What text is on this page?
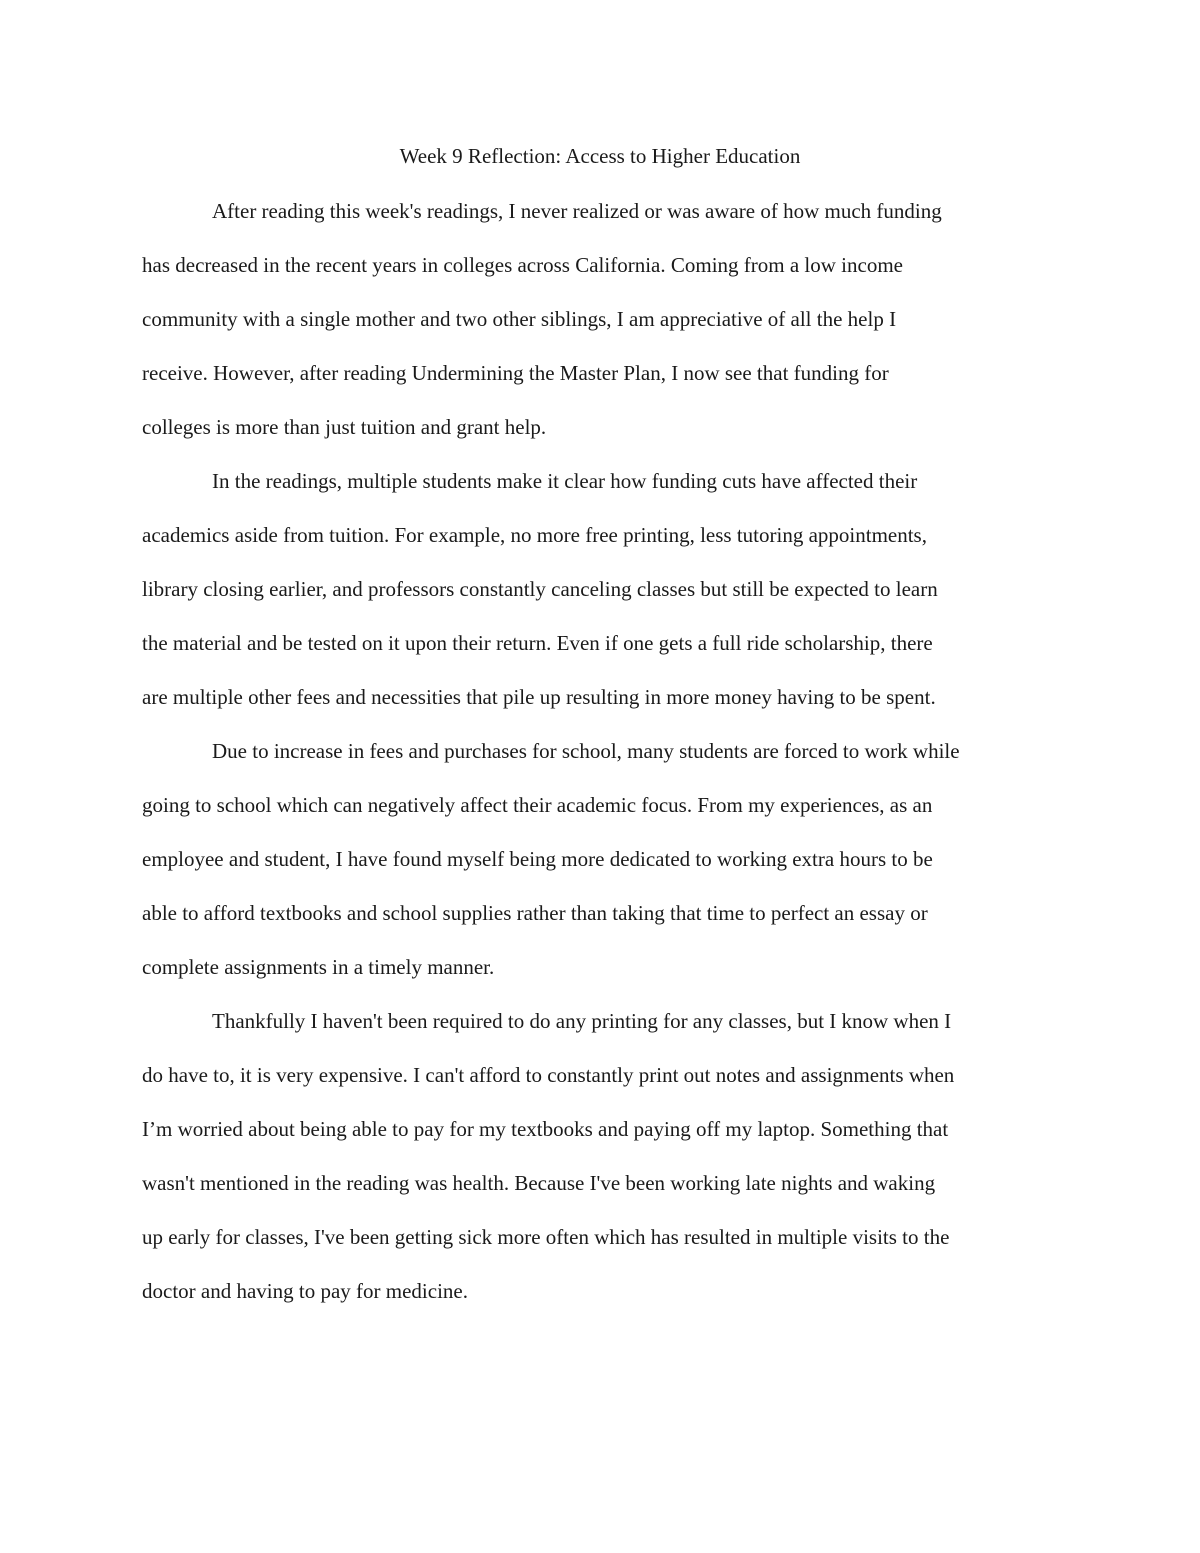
Week 9 Reflection: Access to Higher Education
After reading this week's readings, I never realized or was aware of how much funding
has decreased in the recent years in colleges across California. Coming from a low income
community with a single mother and two other siblings, I am appreciative of all the help I
receive. However, after reading Undermining the Master Plan, I now see that funding for
colleges is more than just tuition and grant help.
In the readings, multiple students make it clear how funding cuts have affected their
academics aside from tuition. For example, no more free printing, less tutoring appointments,
library closing earlier, and professors constantly canceling classes but still be expected to learn
the material and be tested on it upon their return. Even if one gets a full ride scholarship, there
are multiple other fees and necessities that pile up resulting in more money having to be spent.
Due to increase in fees and purchases for school, many students are forced to work while
going to school which can negatively affect their academic focus. From my experiences, as an
employee and student, I have found myself being more dedicated to working extra hours to be
able to afford textbooks and school supplies rather than taking that time to perfect an essay or
complete assignments in a timely manner.
Thankfully I haven't been required to do any printing for any classes, but I know when I
do have to, it is very expensive. I can't afford to constantly print out notes and assignments when
I’m worried about being able to pay for my textbooks and paying off my laptop. Something that
wasn't mentioned in the reading was health. Because I've been working late nights and waking
up early for classes, I've been getting sick more often which has resulted in multiple visits to the
doctor and having to pay for medicine.
